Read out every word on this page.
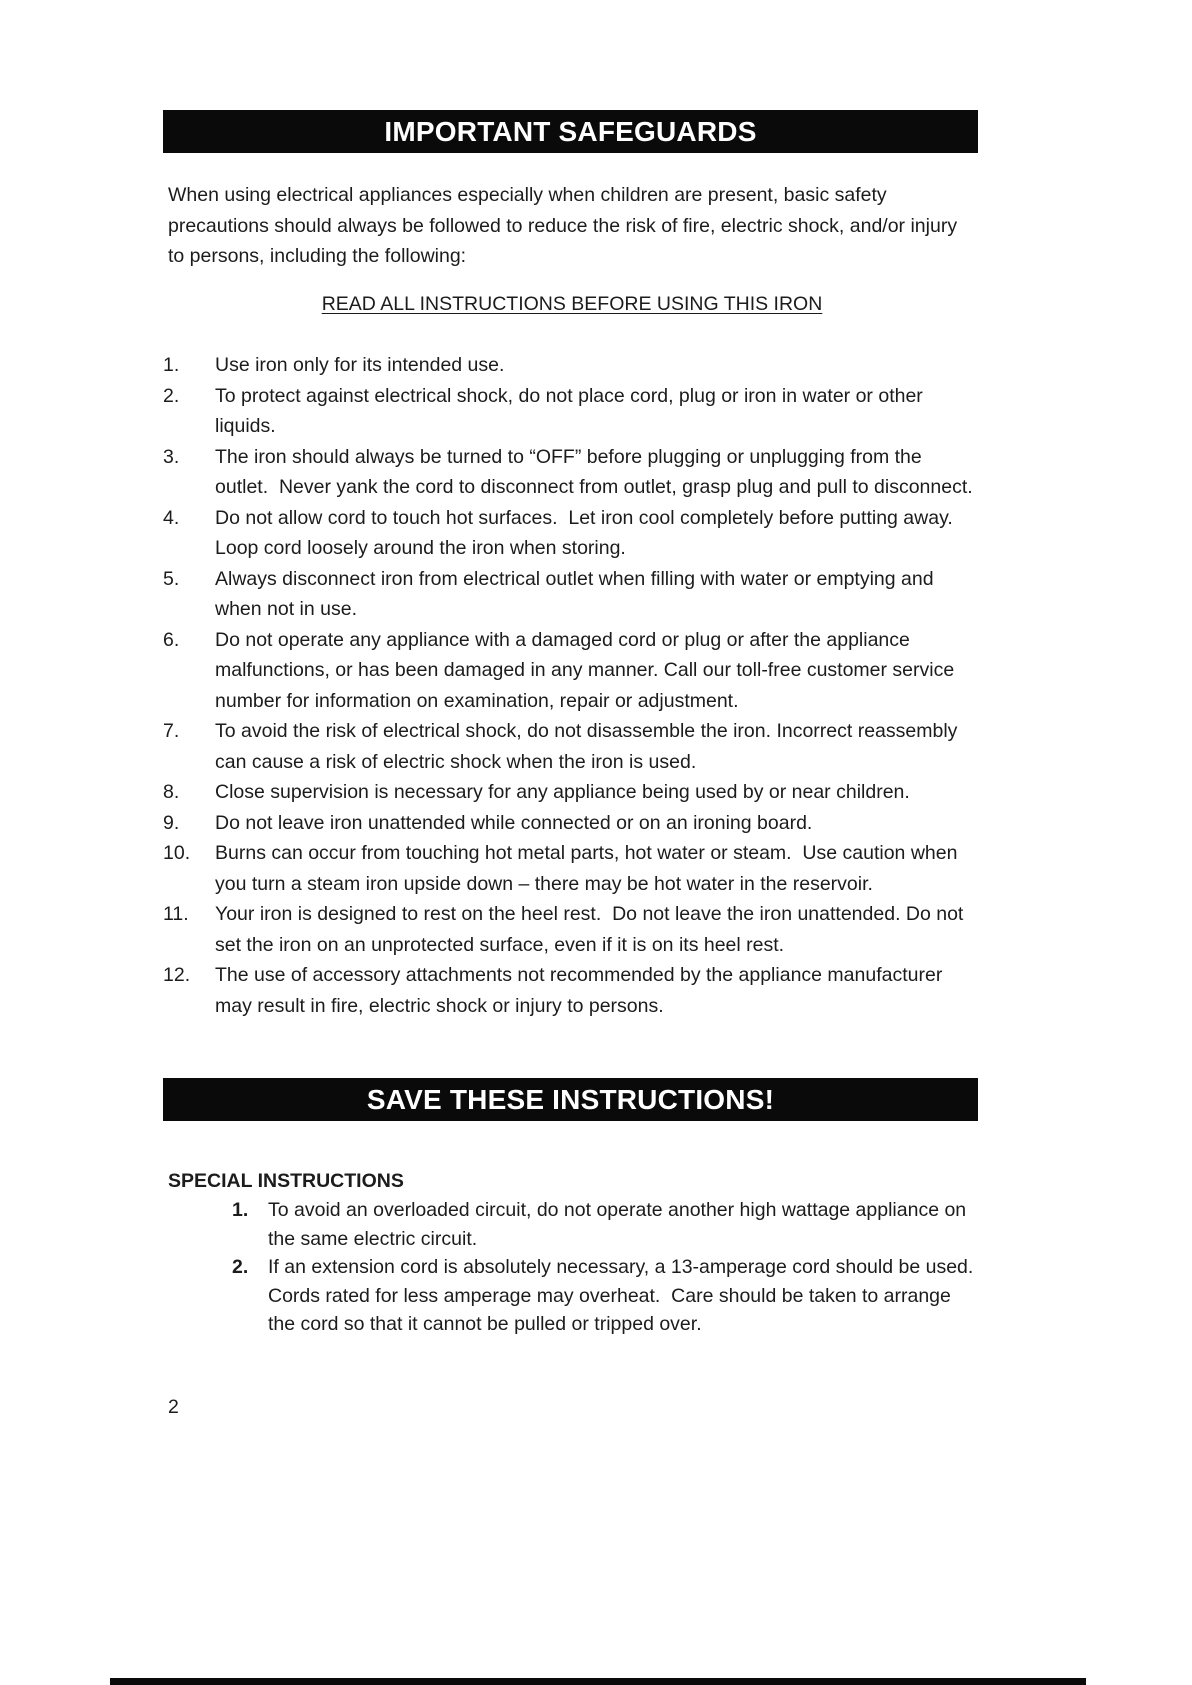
IMPORTANT SAFEGUARDS

When using electrical appliances especially when children are present, basic safety precautions should always be followed to reduce the risk of fire, electric shock, and/or injury to persons, including the following:

READ ALL INSTRUCTIONS BEFORE USING THIS IRON

1.	Use iron only for its intended use.
2.	To protect against electrical shock, do not place cord, plug or iron in water or other liquids.
3.	The iron should always be turned to “OFF” before plugging or unplugging from the outlet.  Never yank the cord to disconnect from outlet, grasp plug and pull to disconnect.
4.	Do not allow cord to touch hot surfaces.  Let iron cool completely before putting away.  Loop cord loosely around the iron when storing.
5.	Always disconnect iron from electrical outlet when filling with water or emptying and when not in use.
6.	Do not operate any appliance with a damaged cord or plug or after the appliance malfunctions, or has been damaged in any manner. Call our toll-free customer service number for information on examination, repair or adjustment.
7.	To avoid the risk of electrical shock, do not disassemble the iron. Incorrect reassembly can cause a risk of electric shock when the iron is used.
8.	Close supervision is necessary for any appliance being used by or near children.
9.	Do not leave iron unattended while connected or on an ironing board.
10.	Burns can occur from touching hot metal parts, hot water or steam.  Use caution when you turn a steam iron upside down – there may be hot water in the reservoir.
11.	Your iron is designed to rest on the heel rest.  Do not leave the iron unattended. Do not set the iron on an unprotected surface, even if it is on its heel rest.
12.	The use of accessory attachments not recommended by the appliance manufacturer may result in fire, electric shock or injury to persons.
SAVE THESE INSTRUCTIONS!
SPECIAL INSTRUCTIONS
1.	To avoid an overloaded circuit, do not operate another high wattage appliance on the same electric circuit.
2.	If an extension cord is absolutely necessary, a 13-amperage cord should be used.  Cords rated for less amperage may overheat.  Care should be taken to arrange the cord so that it cannot be pulled or tripped over.
2
